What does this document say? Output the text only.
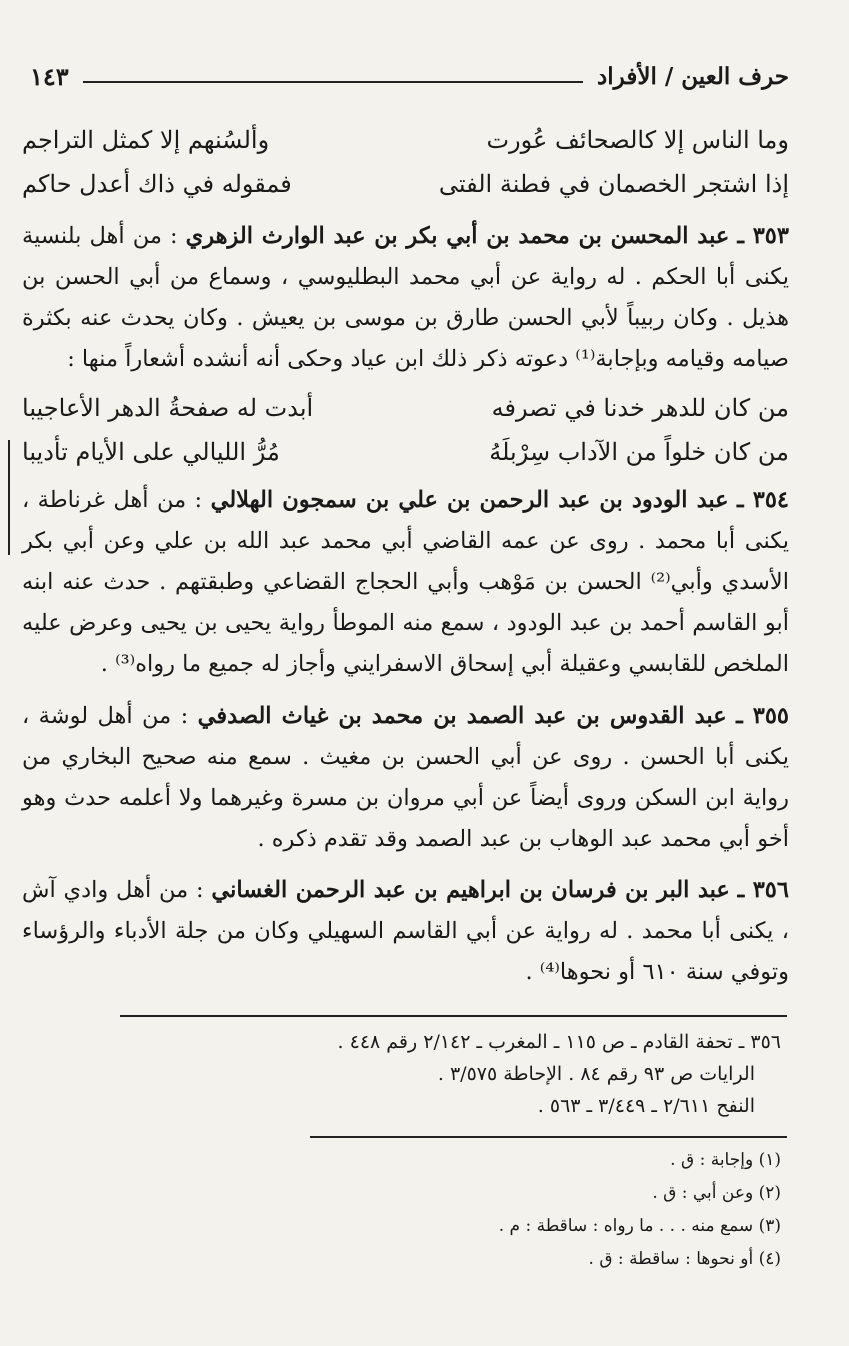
حرف العين / الأفراد
١٤٣
وما الناس إلا كالصحائف عُورت
وألسُنهم إلا كمثل التراجم
إذا اشتجر الخصمان في فطنة الفتى
فمقوله في ذاك أعدل حاكم
٣٥٣ ـ عبد المحسن بن محمد بن أبي بكر بن عبد الوارث الزهري : من أهل بلنسية يكنى أبا الحكم . له رواية عن أبي محمد البطليوسي ، وسماع من أبي الحسن بن هذيل . وكان ربيباً لأبي الحسن طارق بن موسى بن يعيش . وكان يحدث عنه بكثرة صيامه وقيامه وبإجابة⁽¹⁾ دعوته ذكر ذلك ابن عياد وحكى أنه أنشده أشعاراً منها :
من كان للدهر خدنا في تصرفه
أبدت له صفحةُ الدهر الأعاجيبا
من كان خلواً من الآداب سِرْبلَهُ
مُرُّ الليالي على الأيام تأديبا
٣٥٤ ـ عبد الودود بن عبد الرحمن بن علي بن سمجون الهلالي : من أهل غرناطة ، يكنى أبا محمد . روى عن عمه القاضي أبي محمد عبد الله بن علي وعن أبي بكر الأسدي وأبي⁽²⁾ الحسن بن مَوْهب وأبي الحجاج القضاعي وطبقتهم . حدث عنه ابنه أبو القاسم أحمد بن عبد الودود ، سمع منه الموطأ رواية يحيى بن يحيى وعرض عليه الملخص للقابسي وعقيلة أبي إسحاق الاسفرايني وأجاز له جميع ما رواه⁽³⁾ .
٣٥٥ ـ عبد القدوس بن عبد الصمد بن محمد بن غياث الصدفي : من أهل لوشة ، يكنى أبا الحسن . روى عن أبي الحسن بن مغيث . سمع منه صحيح البخاري من رواية ابن السكن وروى أيضاً عن أبي مروان بن مسرة وغيرهما ولا أعلمه حدث وهو أخو أبي محمد عبد الوهاب بن عبد الصمد وقد تقدم ذكره .
٣٥٦ ـ عبد البر بن فرسان بن ابراهيم بن عبد الرحمن الغساني : من أهل وادي آش ، يكنى أبا محمد . له رواية عن أبي القاسم السهيلي وكان من جلة الأدباء والرؤساء وتوفي سنة ٦١٠ أو نحوها⁽⁴⁾ .
٣٥٦ ـ تحفة القادم ـ ص ١١٥ ـ المغرب ـ ٢/١٤٢ رقم ٤٤٨ .
الرايات ص ٩٣ رقم ٨٤ . الإحاطة ٣/٥٧٥ .
النفح ٢/٦١١ ـ ٣/٤٤٩ ـ ٥٦٣ .
(١) وإجابة : ق .
(٢) وعن أبي : ق .
(٣) سمع منه . . . ما رواه : ساقطة : م .
(٤) أو نحوها : ساقطة : ق .
